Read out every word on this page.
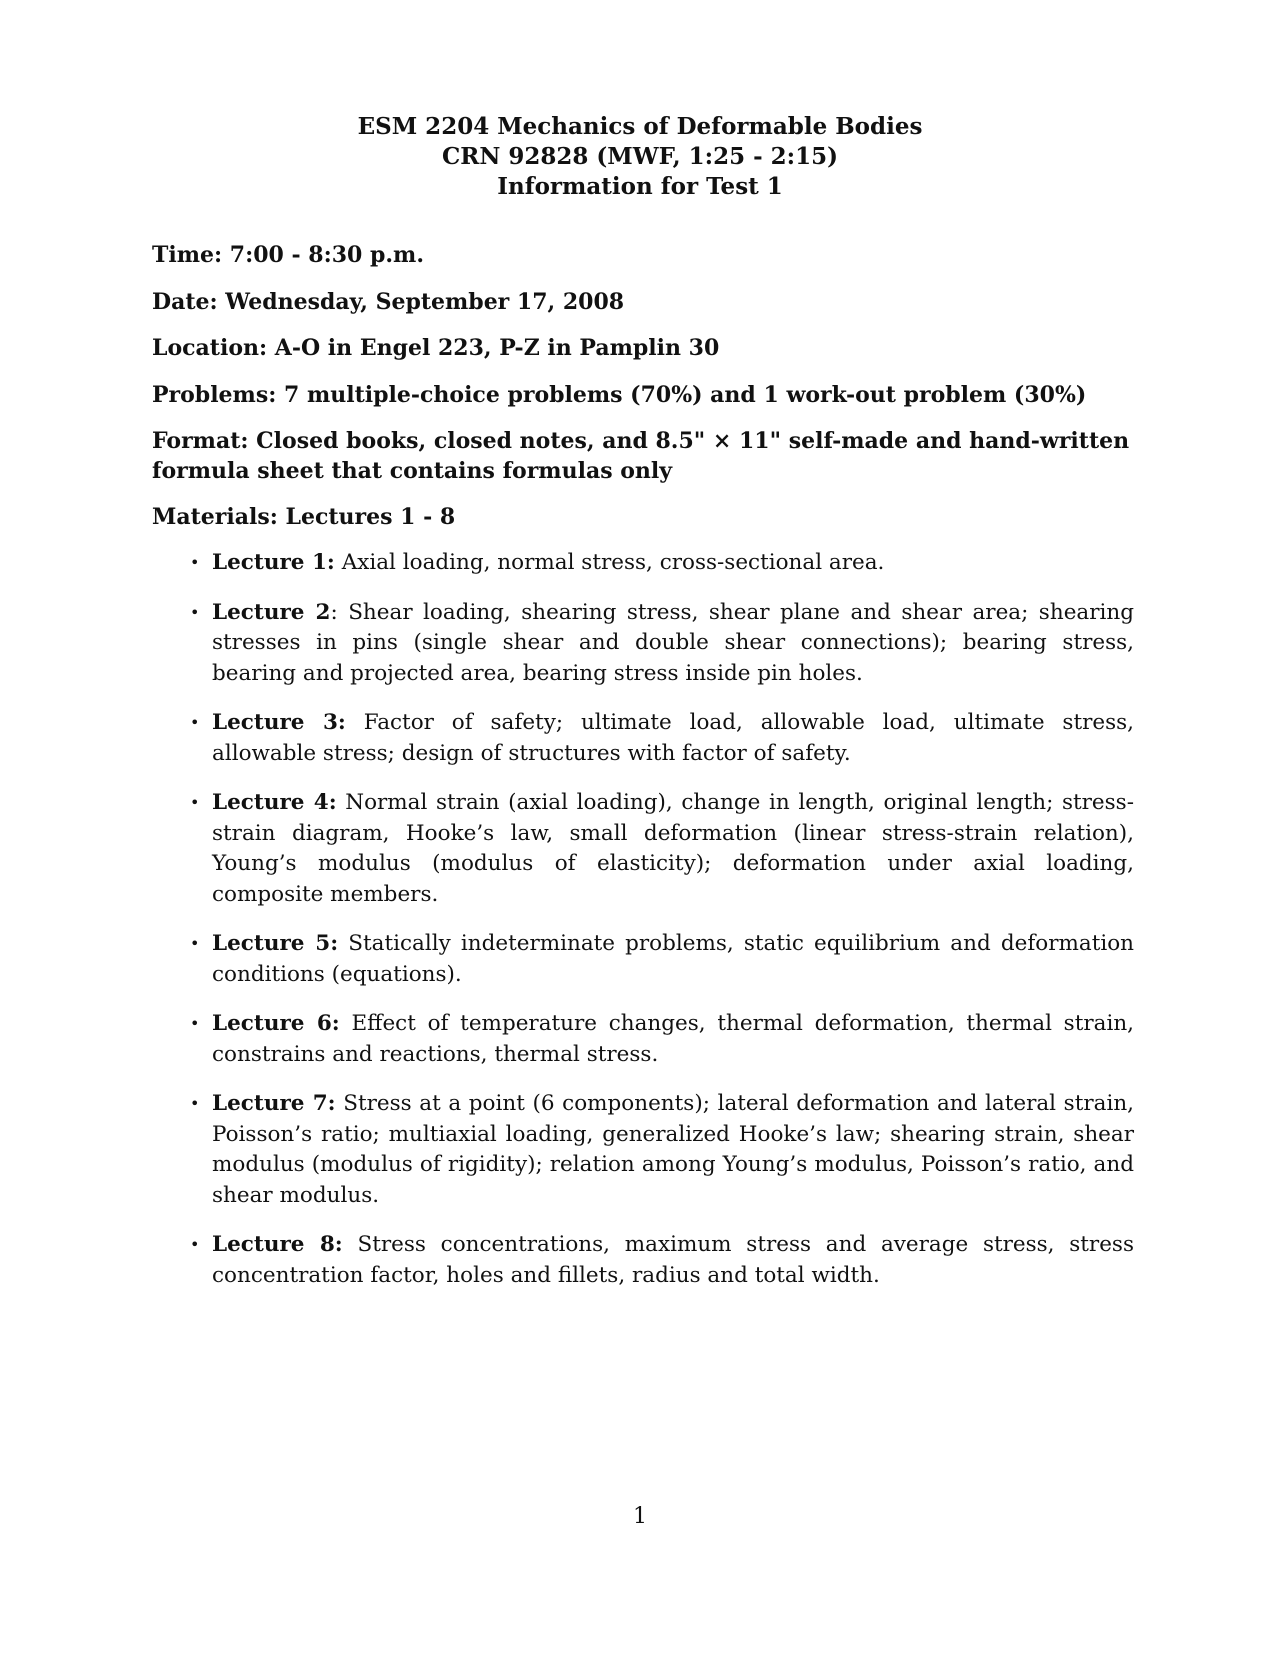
ESM 2204 Mechanics of Deformable Bodies
CRN 92828 (MWF, 1:25 - 2:15)
Information for Test 1
Time: 7:00 - 8:30 p.m.
Date: Wednesday, September 17, 2008
Location: A-O in Engel 223, P-Z in Pamplin 30
Problems: 7 multiple-choice problems (70%) and 1 work-out problem (30%)
Format: Closed books, closed notes, and 8.5" × 11" self-made and hand-written formula sheet that contains formulas only
Materials: Lectures 1 - 8
• Lecture 1: Axial loading, normal stress, cross-sectional area.
• Lecture 2: Shear loading, shearing stress, shear plane and shear area; shearing stresses in pins (single shear and double shear connections); bearing stress, bearing and projected area, bearing stress inside pin holes.
• Lecture 3: Factor of safety; ultimate load, allowable load, ultimate stress, allowable stress; design of structures with factor of safety.
• Lecture 4: Normal strain (axial loading), change in length, original length; stress-strain diagram, Hooke’s law, small deformation (linear stress-strain relation), Young’s modulus (modulus of elasticity); deformation under axial loading, composite members.
• Lecture 5: Statically indeterminate problems, static equilibrium and deformation conditions (equations).
• Lecture 6: Effect of temperature changes, thermal deformation, thermal strain, constrains and reactions, thermal stress.
• Lecture 7: Stress at a point (6 components); lateral deformation and lateral strain, Poisson’s ratio; multiaxial loading, generalized Hooke’s law; shearing strain, shear modulus (modulus of rigidity); relation among Young’s modulus, Poisson’s ratio, and shear modulus.
• Lecture 8: Stress concentrations, maximum stress and average stress, stress concentration factor, holes and fillets, radius and total width.
1
